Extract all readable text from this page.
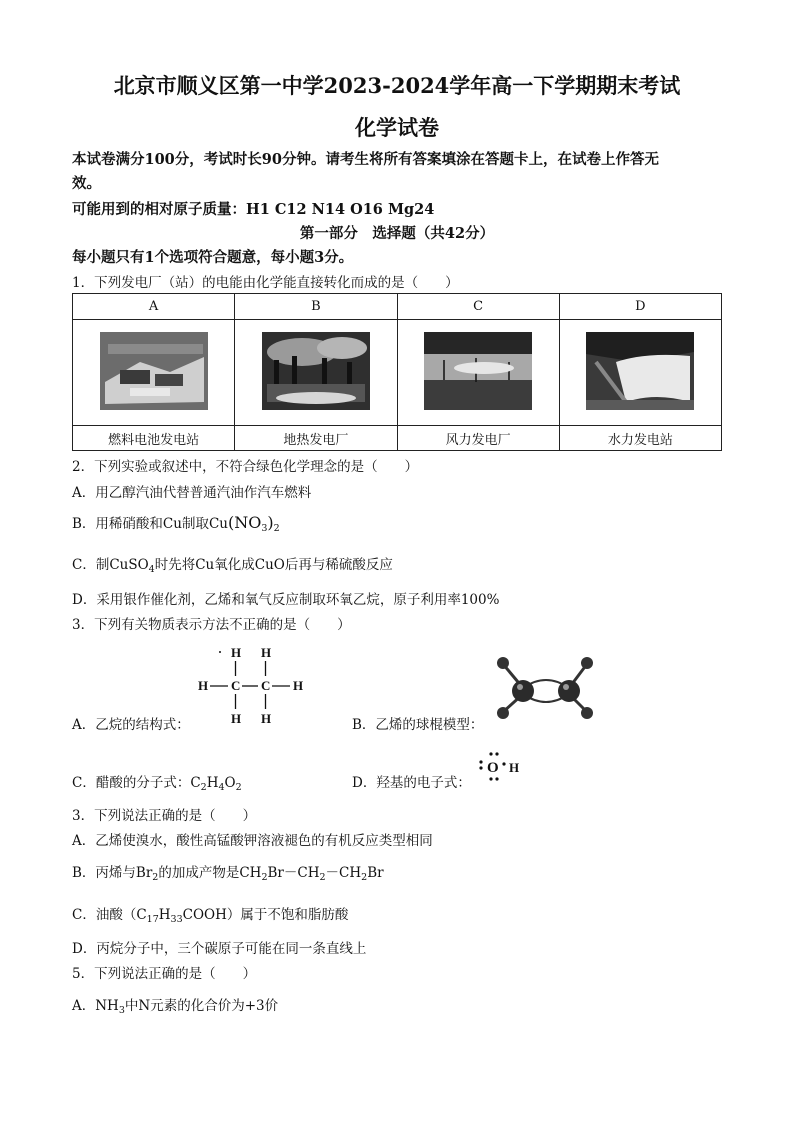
北京市顺义区第一中学2023-2024学年高一下学期期末考试
化学试卷
本试卷满分100分，考试时长90分钟。请考生将所有答案填涂在答题卡上，在试卷上作答无
效。
可能用到的相对原子质量：H1 C12 N14 O16 Mg24
第一部分　选择题（共42分）
每小题只有1个选项符合题意，每小题3分。
1．下列发电厂（站）的电能由化学能直接转化而成的是（　　）
A	B	C	D

燃料电池发电站	地热发电厂	风力发电厂	水力发电站
2．下列实验或叙述中，不符合绿色化学理念的是（　　）
A．用乙醇汽油代替普通汽油作汽车燃料
B．用稀硝酸和Cu制取$Cu(NO_3)_2$
C．制CuSO$_4$时先将Cu氧化成CuO后再与稀硫酸反应
D．采用银作催化剂，乙烯和氧气反应制取环氧乙烷，原子利用率100%
3．下列有关物质表示方法不正确的是（　　）
H H
H C C H
H H
A．乙烷的结构式：	B．乙烯的球棍模型：
C．醋酸的分子式：$C_2H_4O_2$	D．羟基的电子式：
O H
3．下列说法正确的是（　　）
A．乙烯使溴水，酸性高锰酸钾溶液褪色的有机反应类型相同
B．丙烯与$Br_2$的加成产物是$CH_2Br-CH_2-CH_2Br$
C．油酸$(C_{17}H_{33}COOH)$属于不饱和脂肪酸
D．丙烷分子中，三个碳原子可能在同一条直线上
5．下列说法正确的是（　　）
A．$NH_3$中N元素的化合价为+3价
